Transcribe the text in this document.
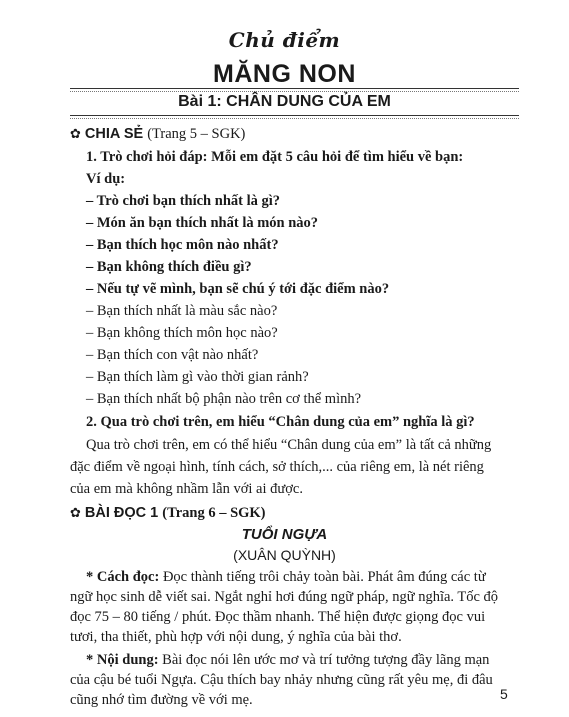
Chủ điểm
MĂNG NON
Bài 1: CHÂN DUNG CỦA EM
✿ CHIA SẺ (Trang 5 – SGK)
1. Trò chơi hỏi đáp: Mỗi em đặt 5 câu hỏi để tìm hiểu về bạn:
Ví dụ:
– Trò chơi bạn thích nhất là gì?
– Món ăn bạn thích nhất là món nào?
– Bạn thích học môn nào nhất?
– Bạn không thích điều gì?
– Nếu tự vẽ mình, bạn sẽ chú ý tới đặc điểm nào?
– Bạn thích nhất là màu sắc nào?
– Bạn không thích môn học nào?
– Bạn thích con vật nào nhất?
– Bạn thích làm gì vào thời gian rảnh?
– Bạn thích nhất bộ phận nào trên cơ thể mình?
2. Qua trò chơi trên, em hiểu “Chân dung của em” nghĩa là gì?
Qua trò chơi trên, em có thể hiểu “Chân dung của em” là tất cả những
đặc điểm về ngoại hình, tính cách, sở thích,... của riêng em, là nét riêng
của em mà không nhầm lẫn với ai được.
✿ BÀI ĐỌC 1 (Trang 6 – SGK)
TUỔI NGỰA
(XUÂN QUỲNH)
* Cách đọc: Đọc thành tiếng trôi chảy toàn bài. Phát âm đúng các từ
ngữ học sinh dễ viết sai. Ngắt nghỉ hơi đúng ngữ pháp, ngữ nghĩa. Tốc độ
đọc 75 – 80 tiếng / phút. Đọc thầm nhanh. Thể hiện được giọng đọc vui
tươi, tha thiết, phù hợp với nội dung, ý nghĩa của bài thơ.
* Nội dung: Bài đọc nói lên ước mơ và trí tưởng tượng đầy lãng mạn
5
của cậu bé tuổi Ngựa. Cậu thích bay nhảy nhưng cũng rất yêu mẹ, đi đâu
cũng nhớ tìm đường về với mẹ.
